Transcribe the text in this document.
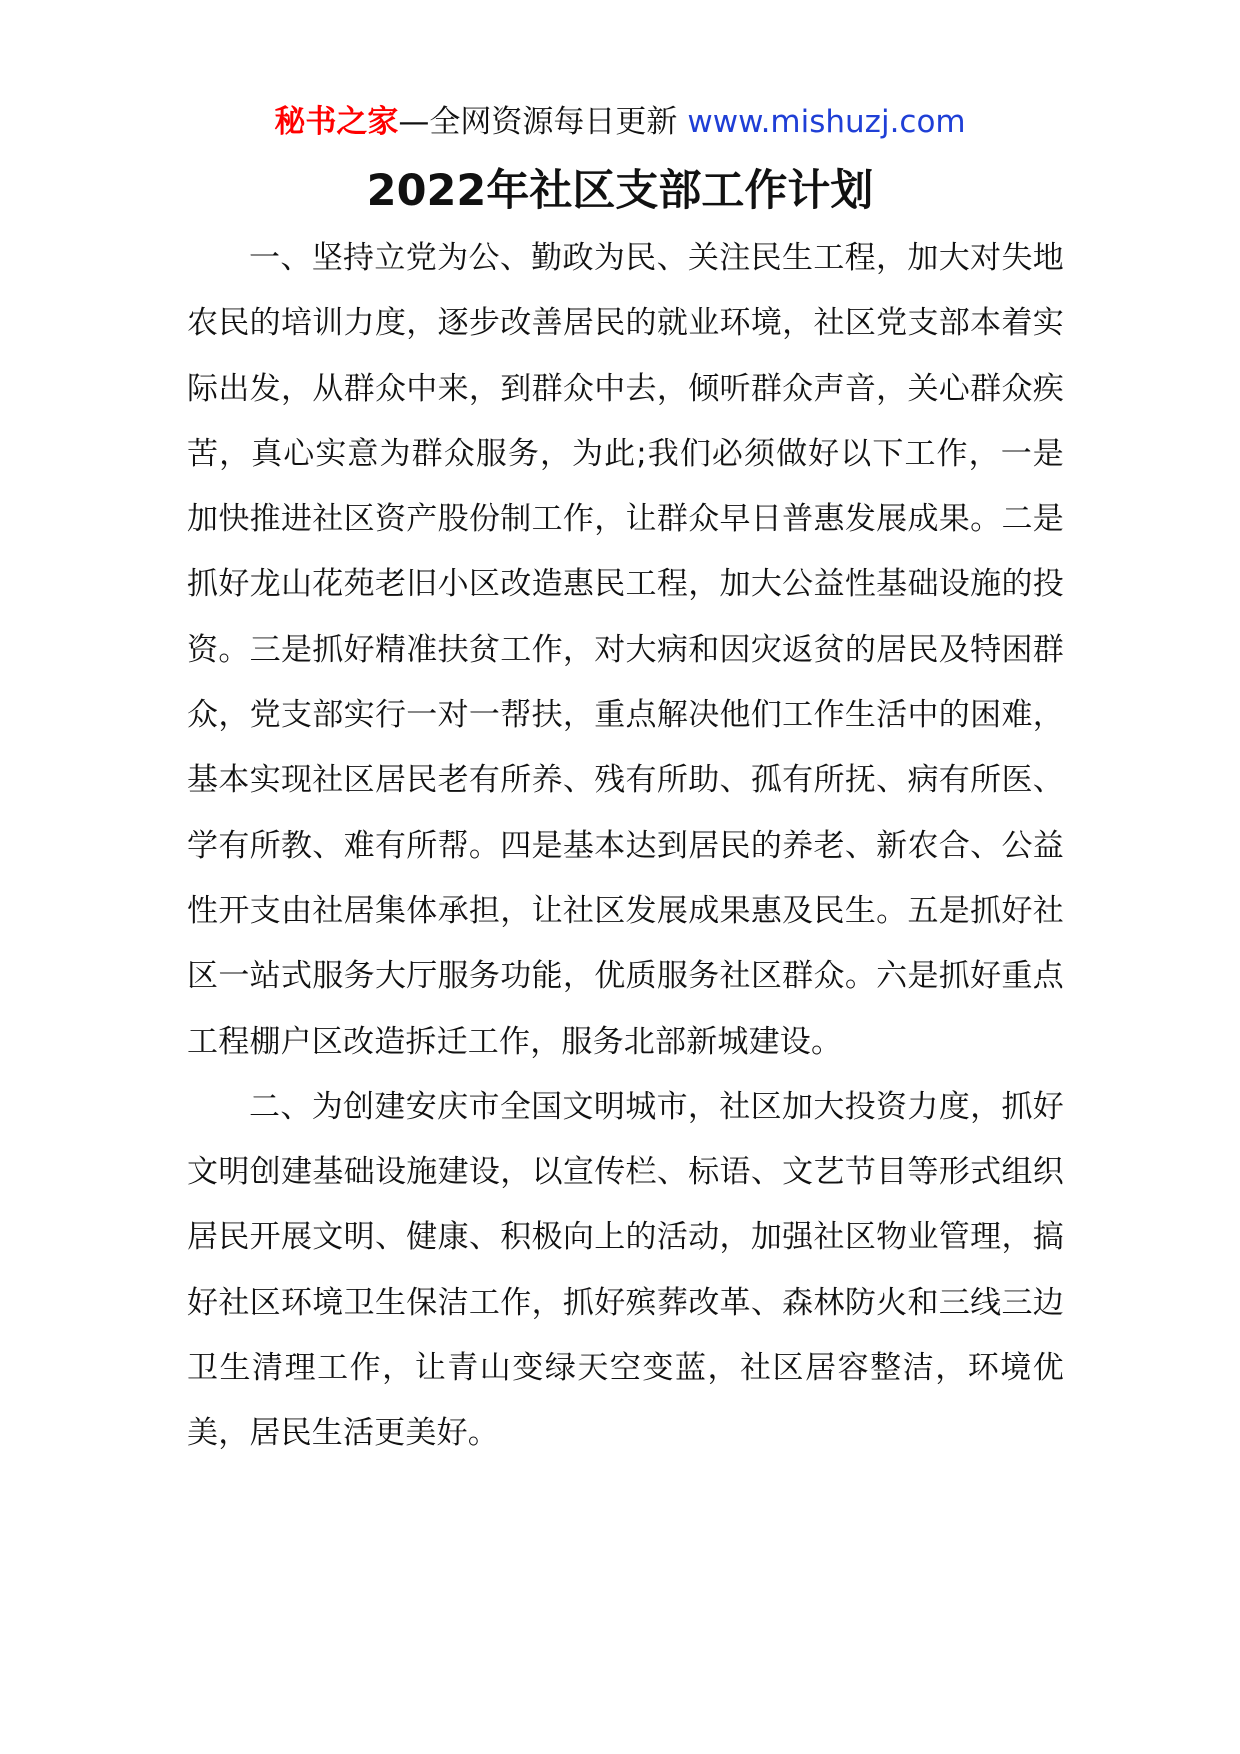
秘书之家—全网资源每日更新 www.mishuzj.com
2022年社区支部工作计划

一、坚持立党为公、勤政为民、关注民生工程，加大对失地农民的培训力度，逐步改善居民的就业环境，社区党支部本着实际出发，从群众中来，到群众中去，倾听群众声音，关心群众疾苦，真心实意为群众服务，为此;我们必须做好以下工作，一是加快推进社区资产股份制工作，让群众早日普惠发展成果。二是抓好龙山花苑老旧小区改造惠民工程，加大公益性基础设施的投资。三是抓好精准扶贫工作，对大病和因灾返贫的居民及特困群众，党支部实行一对一帮扶，重点解决他们工作生活中的困难，基本实现社区居民老有所养、残有所助、孤有所抚、病有所医、学有所教、难有所帮。四是基本达到居民的养老、新农合、公益性开支由社居集体承担，让社区发展成果惠及民生。五是抓好社区一站式服务大厅服务功能，优质服务社区群众。六是抓好重点工程棚户区改造拆迁工作，服务北部新城建设。

二、为创建安庆市全国文明城市，社区加大投资力度，抓好文明创建基础设施建设，以宣传栏、标语、文艺节目等形式组织居民开展文明、健康、积极向上的活动，加强社区物业管理，搞好社区环境卫生保洁工作，抓好殡葬改革、森林防火和三线三边卫生清理工作，让青山变绿天空变蓝，社区居容整洁，环境优美，居民生活更美好。
